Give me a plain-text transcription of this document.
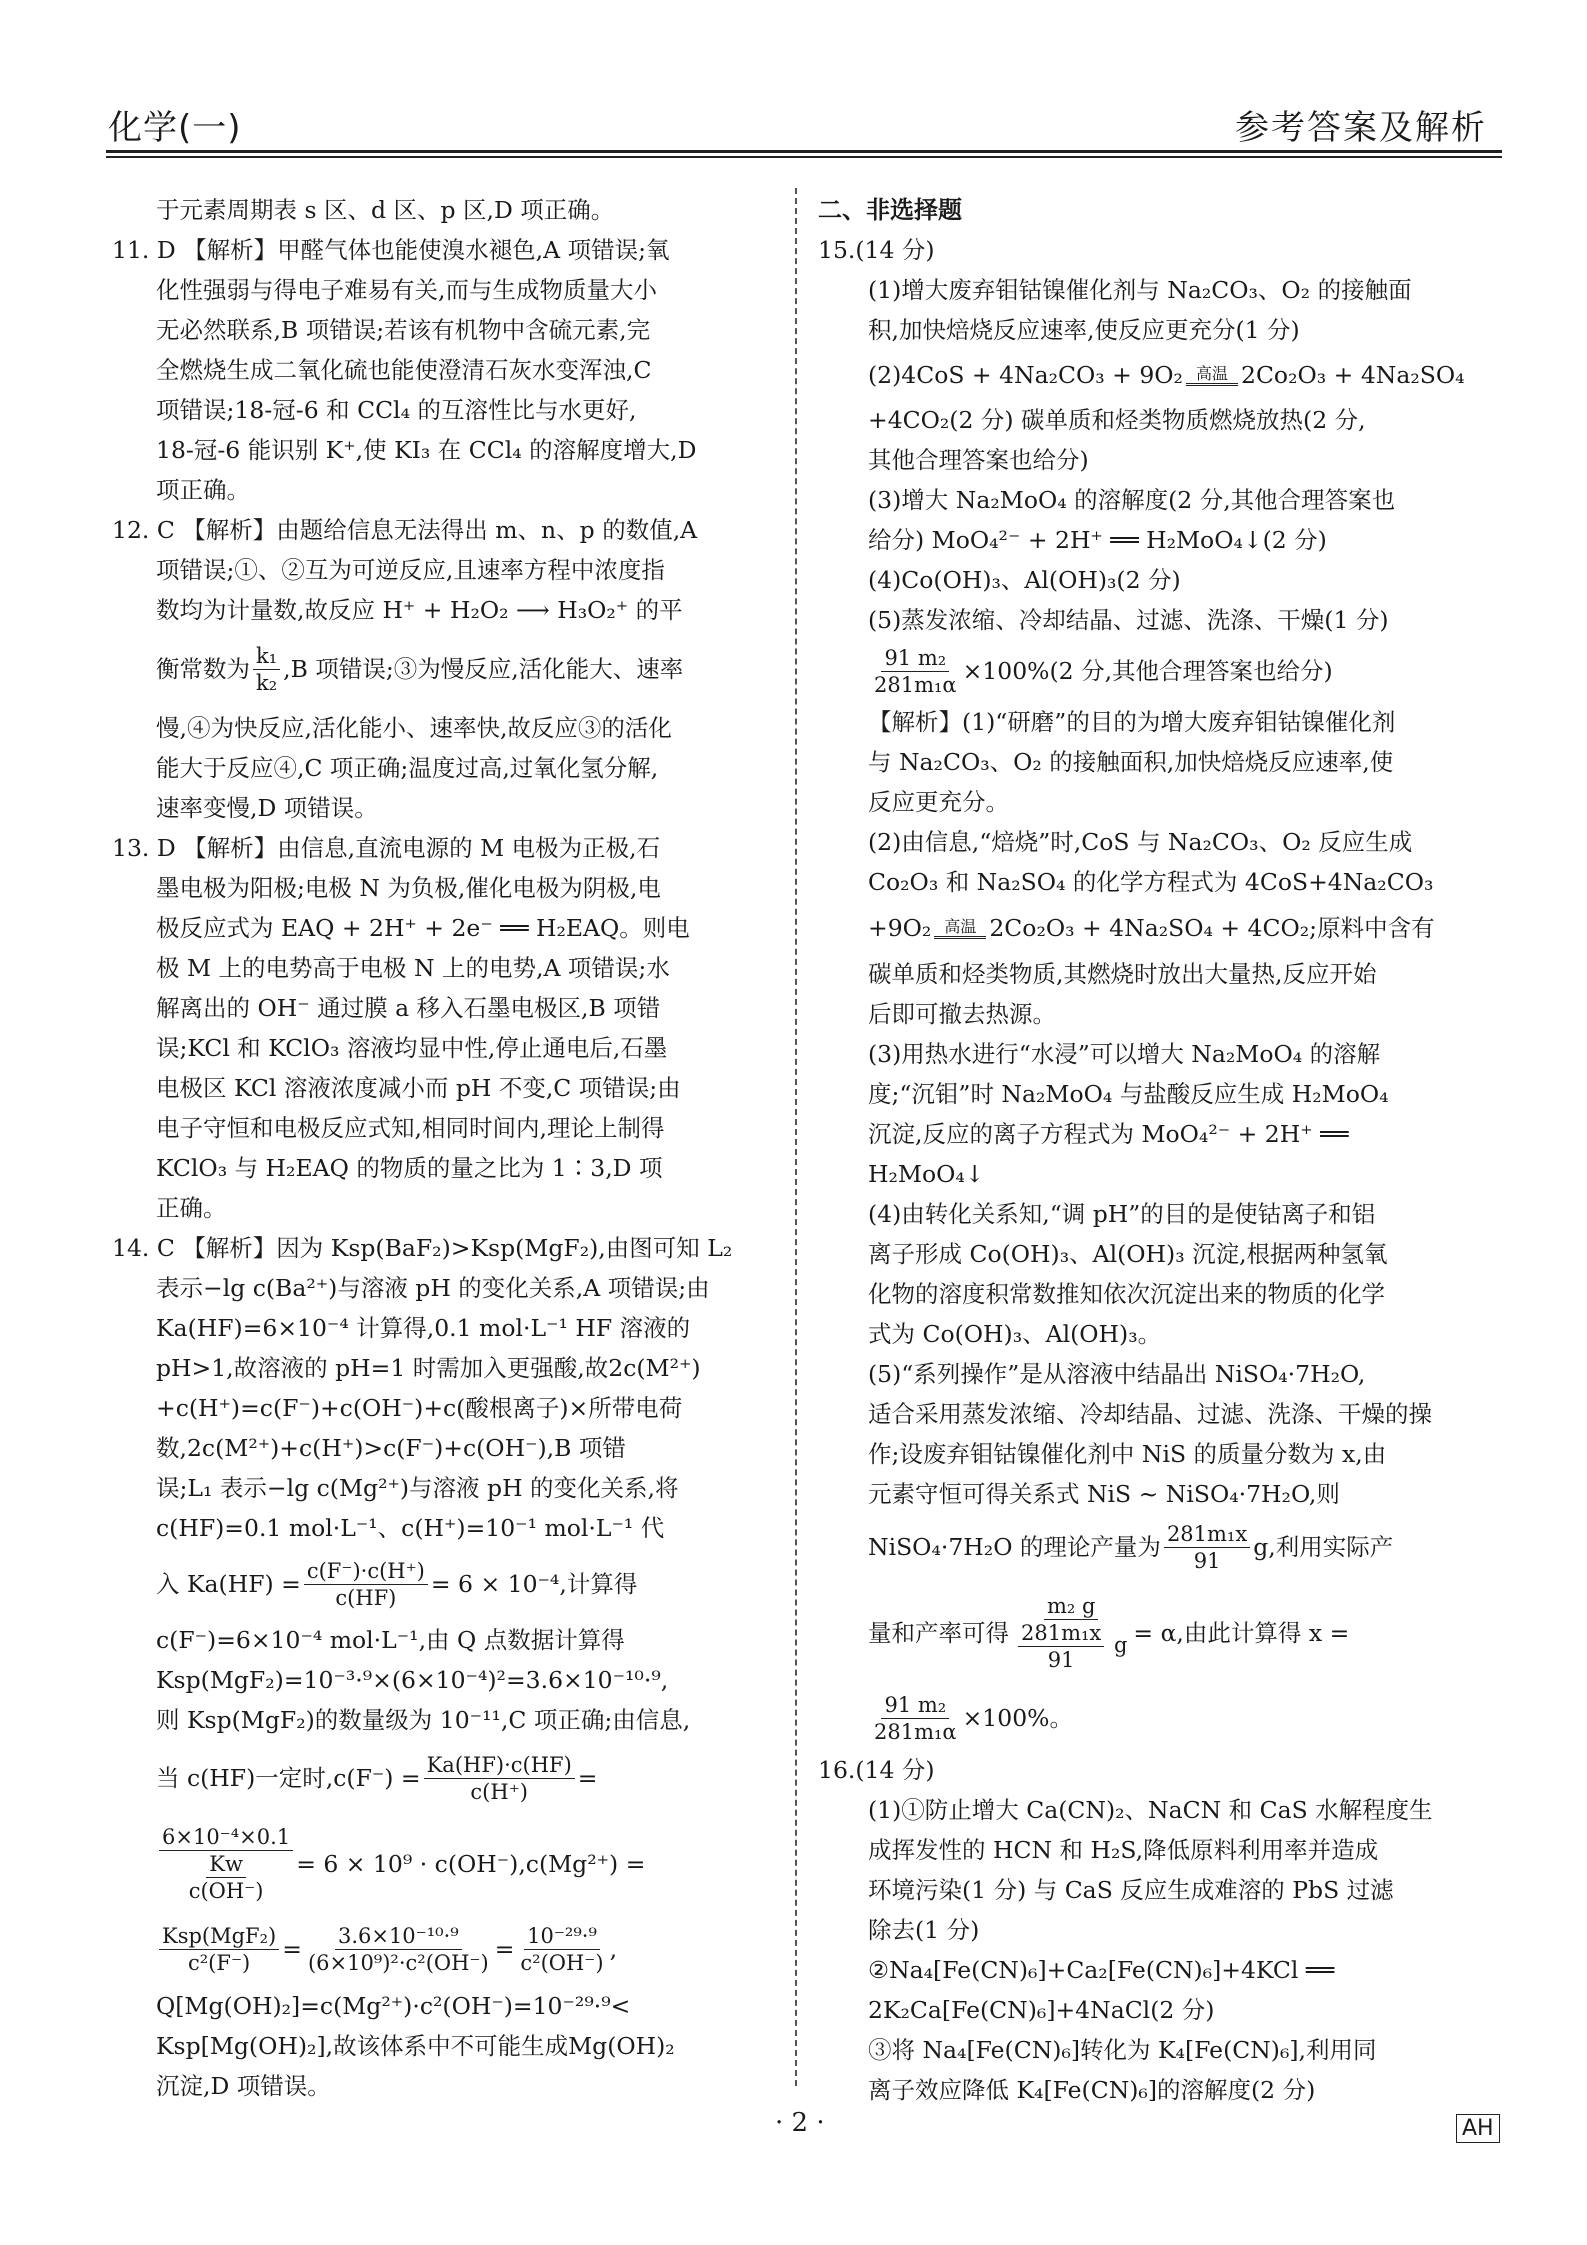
化学(一)	参考答案及解析
于元素周期表 s 区、d 区、p 区,D 项正确。
11. D 【解析】甲醛气体也能使溴水褪色,A 项错误;氧
化性强弱与得电子难易有关,而与生成物质量大小
无必然联系,B 项错误;若该有机物中含硫元素,完
全燃烧生成二氧化硫也能使澄清石灰水变浑浊,C
项错误;18-冠-6 和 CCl₄ 的互溶性比与水更好,
18-冠-6 能识别 K⁺,使 KI₃ 在 CCl₄ 的溶解度增大,D
项正确。
12. C 【解析】由题给信息无法得出 m、n、p 的数值,A
项错误;①、②互为可逆反应,且速率方程中浓度指
数均为计量数,故反应 H⁺ + H₂O₂ ⟶ H₃O₂⁺ 的平
衡常数为 $\frac{\text{k₁}}{\text{k₂}} ,B$ 项错误;③为慢反应,活化能大、速率
慢,④为快反应,活化能小、速率快,故反应③的活化
能大于反应④,C 项正确;温度过高,过氧化氢分解,
速率变慢,D 项错误。
13. D 【解析】由信息,直流电源的 M 电极为正极,石
墨电极为阳极;电极 N 为负极,催化电极为阴极,电
极反应式为 EAQ + 2H⁺ + 2e⁻ ══ H₂EAQ。则电
极 M 上的电势高于电极 N 上的电势,A 项错误;水
解离出的 OH⁻ 通过膜 a 移入石墨电极区,B 项错
误;KCl 和 KClO₃ 溶液均显中性,停止通电后,石墨
电极区 KCl 溶液浓度减小而 pH 不变,C 项错误;由
电子守恒和电极反应式知,相同时间内,理论上制得
KClO₃ 与 H₂EAQ 的物质的量之比为 1∶3,D 项
正确。
14. C 【解析】因为 Ksp(BaF₂)>Ksp(MgF₂),由图可知 L₂
表示−lg c(Ba²⁺)与溶液 pH 的变化关系,A 项错误;由
Ka(HF)=6×10⁻⁴ 计算得,0.1 mol·L⁻¹ HF 溶液的
pH>1,故溶液的 pH=1 时需加入更强酸,故2c(M²⁺)
+c(H⁺)=c(F⁻)+c(OH⁻)+c(酸根离子)×所带电荷
数,2c(M²⁺)+c(H⁺)>c(F⁻)+c(OH⁻),B 项错
误;L₁ 表示−lg c(Mg²⁺)与溶液 pH 的变化关系,将
c(HF)=0.1 mol·L⁻¹、c(H⁺)=10⁻¹ mol·L⁻¹ 代
入 $Ka(HF) = \frac{c(F^-)\cdot c(H^+)}{c(HF)} = 6 \times 10^{-4}$,计算得
c(F⁻)=6×10⁻⁴ mol·L⁻¹,由 Q 点数据计算得
Ksp(MgF₂)=10⁻³·⁹×(6×10⁻⁴)²=3.6×10⁻¹⁰·⁹,
则 Ksp(MgF₂)的数量级为 10⁻¹¹,C 项正确;由信息,
当 c(HF)一定时$,c(F^-) = \frac{Ka(HF)\cdot c(HF)}{c(H^+)}$ =
$\frac{\text{6×10⁻⁴×0.1}}{\frac{Kw}{c(OH^-)}} = 6 \times 10^9 \cdot c(OH^-),c(Mg^{2+})$ =
$\frac{\text{Ksp(MgF₂)}}{\text{c²(F⁻)}} = \frac{\text{3.6×10⁻¹⁰·⁹}}{\text{(6×10⁹)²·c²(OH⁻)}} = \frac{\text{10⁻²⁹·⁹}}{\text{c²(OH⁻)}}$ ,
Q[Mg(OH)₂]=c(Mg²⁺)·c²(OH⁻)=10⁻²⁹·⁹<
Ksp[Mg(OH)₂],故该体系中不可能生成Mg(OH)₂
沉淀,D 项错误。
二、非选择题
15.(14 分)
(1)增大废弃钼钴镍催化剂与 Na₂CO₃、O₂ 的接触面
积,加快焙烧反应速率,使反应更充分(1 分)
(2)4CoS + 4Na₂CO₃ + 9O₂ 高温 2Co₂O₃ + 4Na₂SO₄
+4CO₂(2 分) 碳单质和烃类物质燃烧放热(2 分,
其他合理答案也给分)
(3)增大 Na₂MoO₄ 的溶解度(2 分,其他合理答案也
给分) MoO₄²⁻ + 2H⁺ ══ H₂MoO₄↓(2 分)
(4)Co(OH)₃、Al(OH)₃(2 分)
(5)蒸发浓缩、冷却结晶、过滤、洗涤、干燥(1 分)
$\frac{\text{91 m₂}}{\text{281m₁α}} \times 100\%(2$ 分,其他合理答案也给分)
【解析】(1)“研磨”的目的为增大废弃钼钴镍催化剂
与 Na₂CO₃、O₂ 的接触面积,加快焙烧反应速率,使
反应更充分。
(2)由信息,“焙烧”时,CoS 与 Na₂CO₃、O₂ 反应生成
Co₂O₃ 和 Na₂SO₄ 的化学方程式为 4CoS+4Na₂CO₃
+9O₂ 高温 2Co₂O₃ + 4Na₂SO₄ + 4CO₂;原料中含有
碳单质和烃类物质,其燃烧时放出大量热,反应开始
后即可撤去热源。
(3)用热水进行“水浸”可以增大 Na₂MoO₄ 的溶解
度;“沉钼”时 Na₂MoO₄ 与盐酸反应生成 H₂MoO₄
沉淀,反应的离子方程式为 MoO₄²⁻ + 2H⁺ ══
H₂MoO₄↓
(4)由转化关系知,“调 pH”的目的是使钴离子和铝
离子形成 Co(OH)₃、Al(OH)₃ 沉淀,根据两种氢氧
化物的溶度积常数推知依次沉淀出来的物质的化学
式为 Co(OH)₃、Al(OH)₃。
(5)“系列操作”是从溶液中结晶出 NiSO₄·7H₂O,
适合采用蒸发浓缩、冷却结晶、过滤、洗涤、干燥的操
作;设废弃钼钴镍催化剂中 NiS 的质量分数为 x,由
元素守恒可得关系式 NiS ~ NiSO₄·7H₂O,则
NiSO₄·7H₂O 的理论产量为 $\frac{\text{281m₁x}}{91} g$,利用实际产
量和产率可得 $\frac{\text{m₂ g}}{\frac{\text{281m₁x}}{91} g} = \alpha$,由此计算得 x =
$\frac{\text{91 m₂}}{\text{281m₁α}} \times 100\%$。
16.(14 分)
(1)①防止增大 Ca(CN)₂、NaCN 和 CaS 水解程度生
成挥发性的 HCN 和 H₂S,降低原料利用率并造成
环境污染(1 分) 与 CaS 反应生成难溶的 PbS 过滤
除去(1 分)
②Na₄[Fe(CN)₆]+Ca₂[Fe(CN)₆]+4KCl ══
2K₂Ca[Fe(CN)₆]+4NaCl(2 分)
③将 Na₄[Fe(CN)₆]转化为 K₄[Fe(CN)₆],利用同
离子效应降低 K₄[Fe(CN)₆]的溶解度(2 分)
· 2 ·	AH
